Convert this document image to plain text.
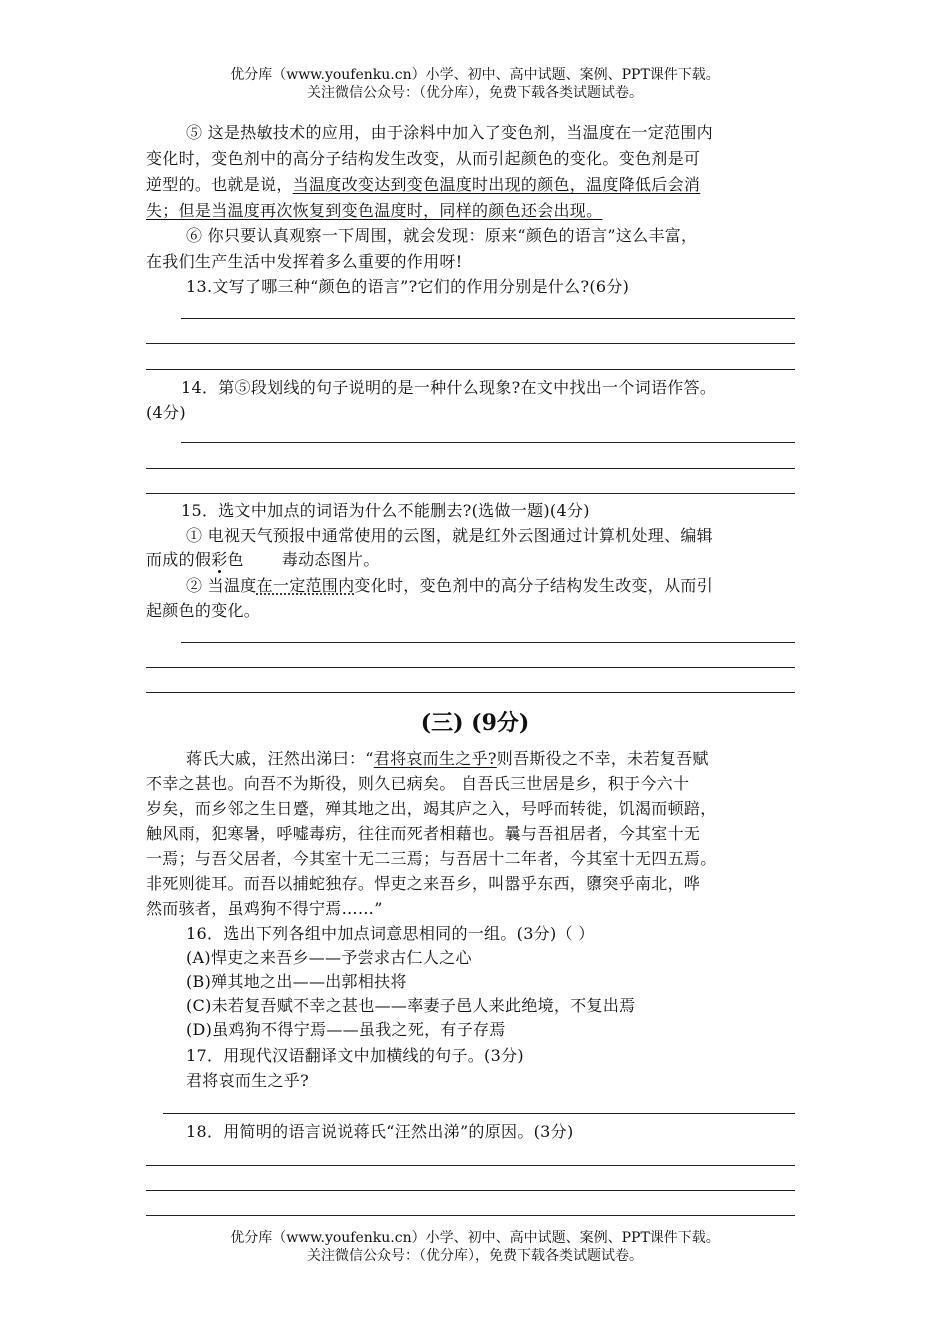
优分库（www.youfenku.cn）小学、初中、高中试题、案例、PPT课件下载。
关注微信公众号：（优分库），免费下载各类试题试卷。
⑤ 这是热敏技术的应用，由于涂料中加入了变色剂，当温度在一定范围内
变化时，变色剂中的高分子结构发生改变，从而引起颜色的变化。变色剂是可
逆型的。也就是说，当温度改变达到变色温度时出现的颜色，温度降低后会消
失；但是当温度再次恢复到变色温度时，同样的颜色还会出现。
⑥ 你只要认真观察一下周围，就会发现：原来“颜色的语言”这么丰富，
在我们生产生活中发挥着多么重要的作用呀!
13.文写了哪三种“颜色的语言”?它们的作用分别是什么?(6分)
14．第⑤段划线的句子说明的是一种什么现象?在文中找出一个词语作答。
(4分)
15．选文中加点的词语为什么不能删去?(选做一题)(4分)
① 电视天气预报中通常使用的云图，就是红外云图通过计算机处理、编辑
而成的假彩色 毒动态图片。
② 当温度在一定范围内变化时，变色剂中的高分子结构发生改变，从而引
起颜色的变化。
(三) (9分)
蒋氏大戚，汪然出涕曰：“君将哀而生之乎?则吾斯役之不幸，未若复吾赋
不幸之甚也。向吾不为斯役，则久已病矣。 自吾氏三世居是乡，积于今六十
岁矣，而乡邻之生日蹙，殚其地之出，竭其庐之入，号呼而转徙，饥渴而顿踣，
触风雨，犯寒暑，呼嘘毒疠，往往而死者相藉也。曩与吾祖居者，今其室十无
一焉；与吾父居者，今其室十无二三焉；与吾居十二年者，今其室十无四五焉。
非死则徙耳。而吾以捕蛇独存。悍吏之来吾乡，叫嚣乎东西，隳突乎南北，哗
然而骇者，虽鸡狗不得宁焉……”
16．选出下列各组中加点词意思相同的一组。(3分)（ ）
(A)悍吏之来吾乡——予尝求古仁人之心
(B)殚其地之出——出郭相扶将
(C)未若复吾赋不幸之甚也——率妻子邑人来此绝境，不复出焉
(D)虽鸡狗不得宁焉——虽我之死，有子存焉
17．用现代汉语翻译文中加横线的句子。(3分)
君将哀而生之乎?
18．用简明的语言说说蒋氏“汪然出涕”的原因。(3分)
优分库（www.youfenku.cn）小学、初中、高中试题、案例、PPT课件下载。
关注微信公众号：（优分库），免费下载各类试题试卷。
